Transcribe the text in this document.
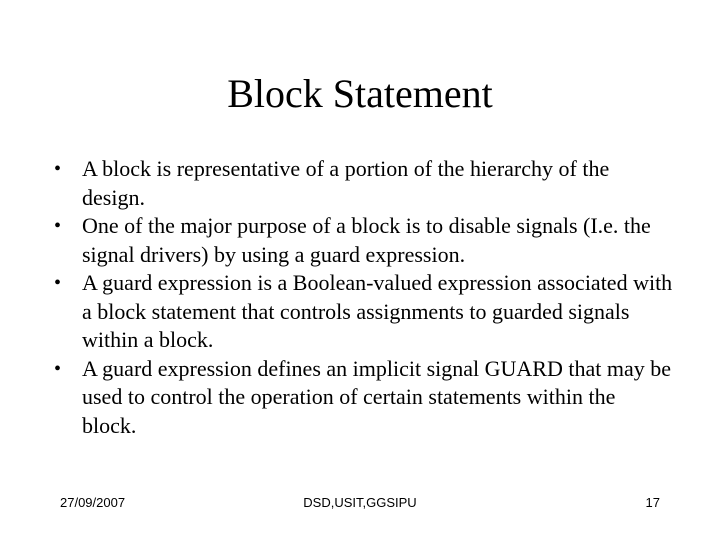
Block Statement
• A block is representative of a portion of the hierarchy of the design.
• One of the major purpose of a block is to disable signals (I.e. the signal drivers) by using a guard expression.
• A guard expression is a Boolean-valued expression associated with a block statement that controls assignments to guarded signals within a block.
• A guard expression defines an implicit signal GUARD that may be used to control the operation of certain statements within the block.
27/09/2007	DSD,USIT,GGSIPU	17
